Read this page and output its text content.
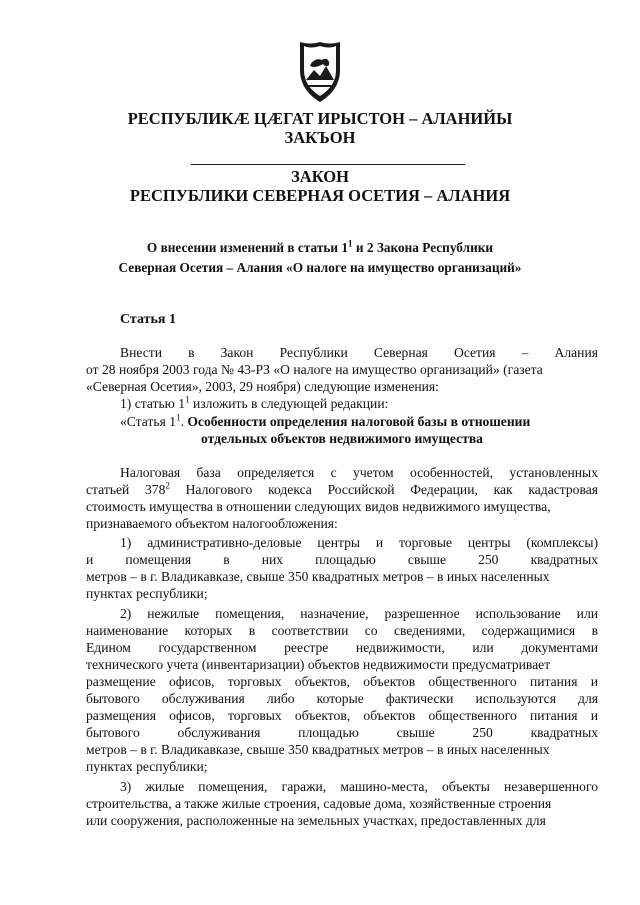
РЕСПУБЛИКÆ ЦÆГАТ ИРЫСТОН – АЛАНИЙЫ

ЗАКЪОН

ЗАКОН

РЕСПУБЛИКИ СЕВЕРНАЯ ОСЕТИЯ – АЛАНИЯ

О внесении изменений в статьи $1^1$ и 2 Закона Республики

Северная Осетия – Алания «О налоге на имущество организаций»

Статья 1

Внести в Закон Республики Северная Осетия – Алания

от 28 ноября 2003 года № 43-РЗ «О налоге на имущество организаций» (газета

«Северная Осетия», 2003, 29 ноября) следующие изменения:

1) статью $1^1$ изложить в следующей редакции:

«Статья $1^1$. Особенности определения налоговой базы в отношении

отдельных объектов недвижимого имущества

Налоговая база определяется с учетом особенностей, установленных

статьей $378^2$ Налогового кодекса Российской Федерации, как кадастровая

стоимость имущества в отношении следующих видов недвижимого имущества,

признаваемого объектом налогообложения:

1) административно-деловые центры и торговые центры (комплексы)

и помещения в них площадью свыше 250 квадратных

метров – в г. Владикавказе, свыше 350 квадратных метров – в иных населенных

пунктах республики;

2) нежилые помещения, назначение, разрешенное использование или

наименование которых в соответствии со сведениями, содержащимися в

Едином государственном реестре недвижимости, или документами

технического учета (инвентаризации) объектов недвижимости предусматривает

размещение офисов, торговых объектов, объектов общественного питания и

бытового обслуживания либо которые фактически используются для

размещения офисов, торговых объектов, объектов общественного питания и

бытового обслуживания площадью свыше 250 квадратных

метров – в г. Владикавказе, свыше 350 квадратных метров – в иных населенных

пунктах республики;

3) жилые помещения, гаражи, машино-места, объекты незавершенного

строительства, а также жилые строения, садовые дома, хозяйственные строения

или сооружения, расположенные на земельных участках, предоставленных для
